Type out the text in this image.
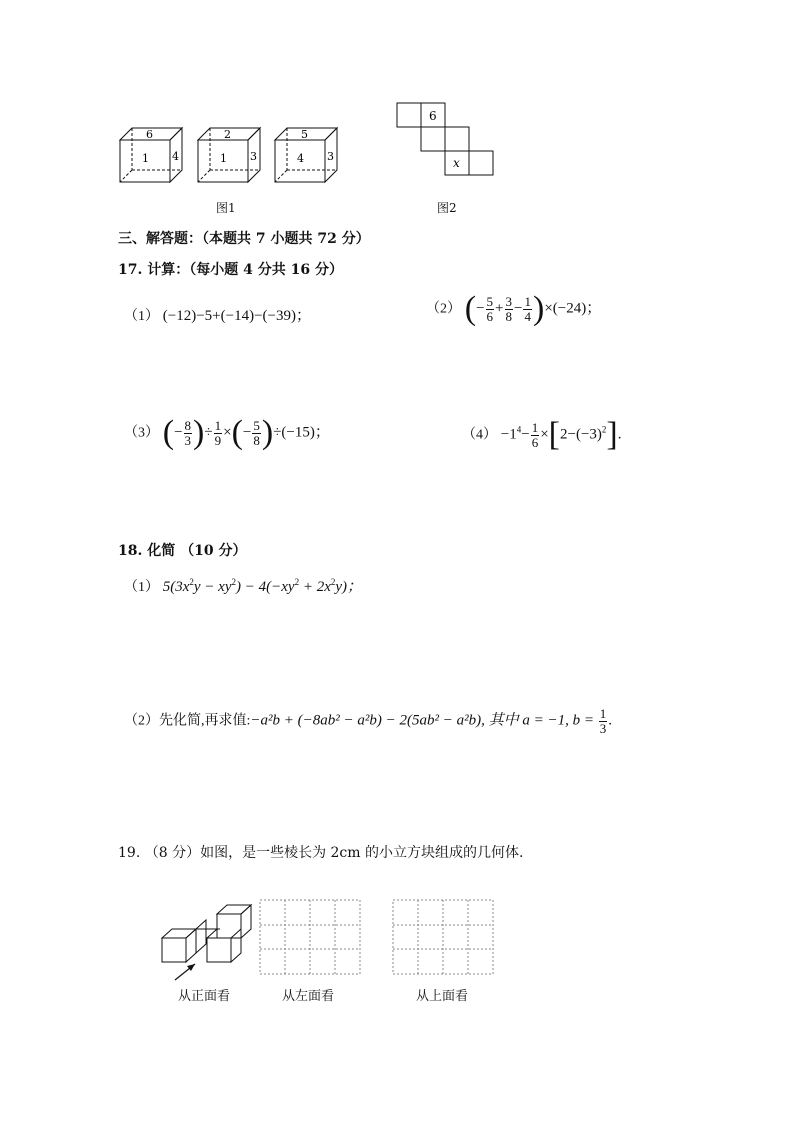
6
1 4
2
1 3
5
4 3
图1
6
x
图2
三、解答题：（本题共 7 小题共 72 分）
17. 计算：（每小题 4 分共 16 分）
（1） (−12)−5+(−14)−(−39)；	（2） (− $\frac{5}{6} + \frac{3}{8} - \frac{1}{4} )\times(-24)$；
（3） (− $\frac{8}{3}$ )÷ $\frac{1}{9}$ ×(− $\frac{5}{8} )\div(-15)$；	$(4) -1^4- \frac{1}{6} \times[2-(-3)^2]$.
18. 化简 （10 分）
（1） $5(3x^2y - xy^2) - 4(-xy^2 + 2x^2y)$；
（2）先化简,再求值:−a²b + (−8ab² − a²b) − 2(5ab² − a²b), 其中 a = −1, $b = \frac{1}{3}$ .
19. （8 分）如图，是一些棱长为 2cm 的小立方块组成的几何体.
从正面看	从左面看	从上面看
